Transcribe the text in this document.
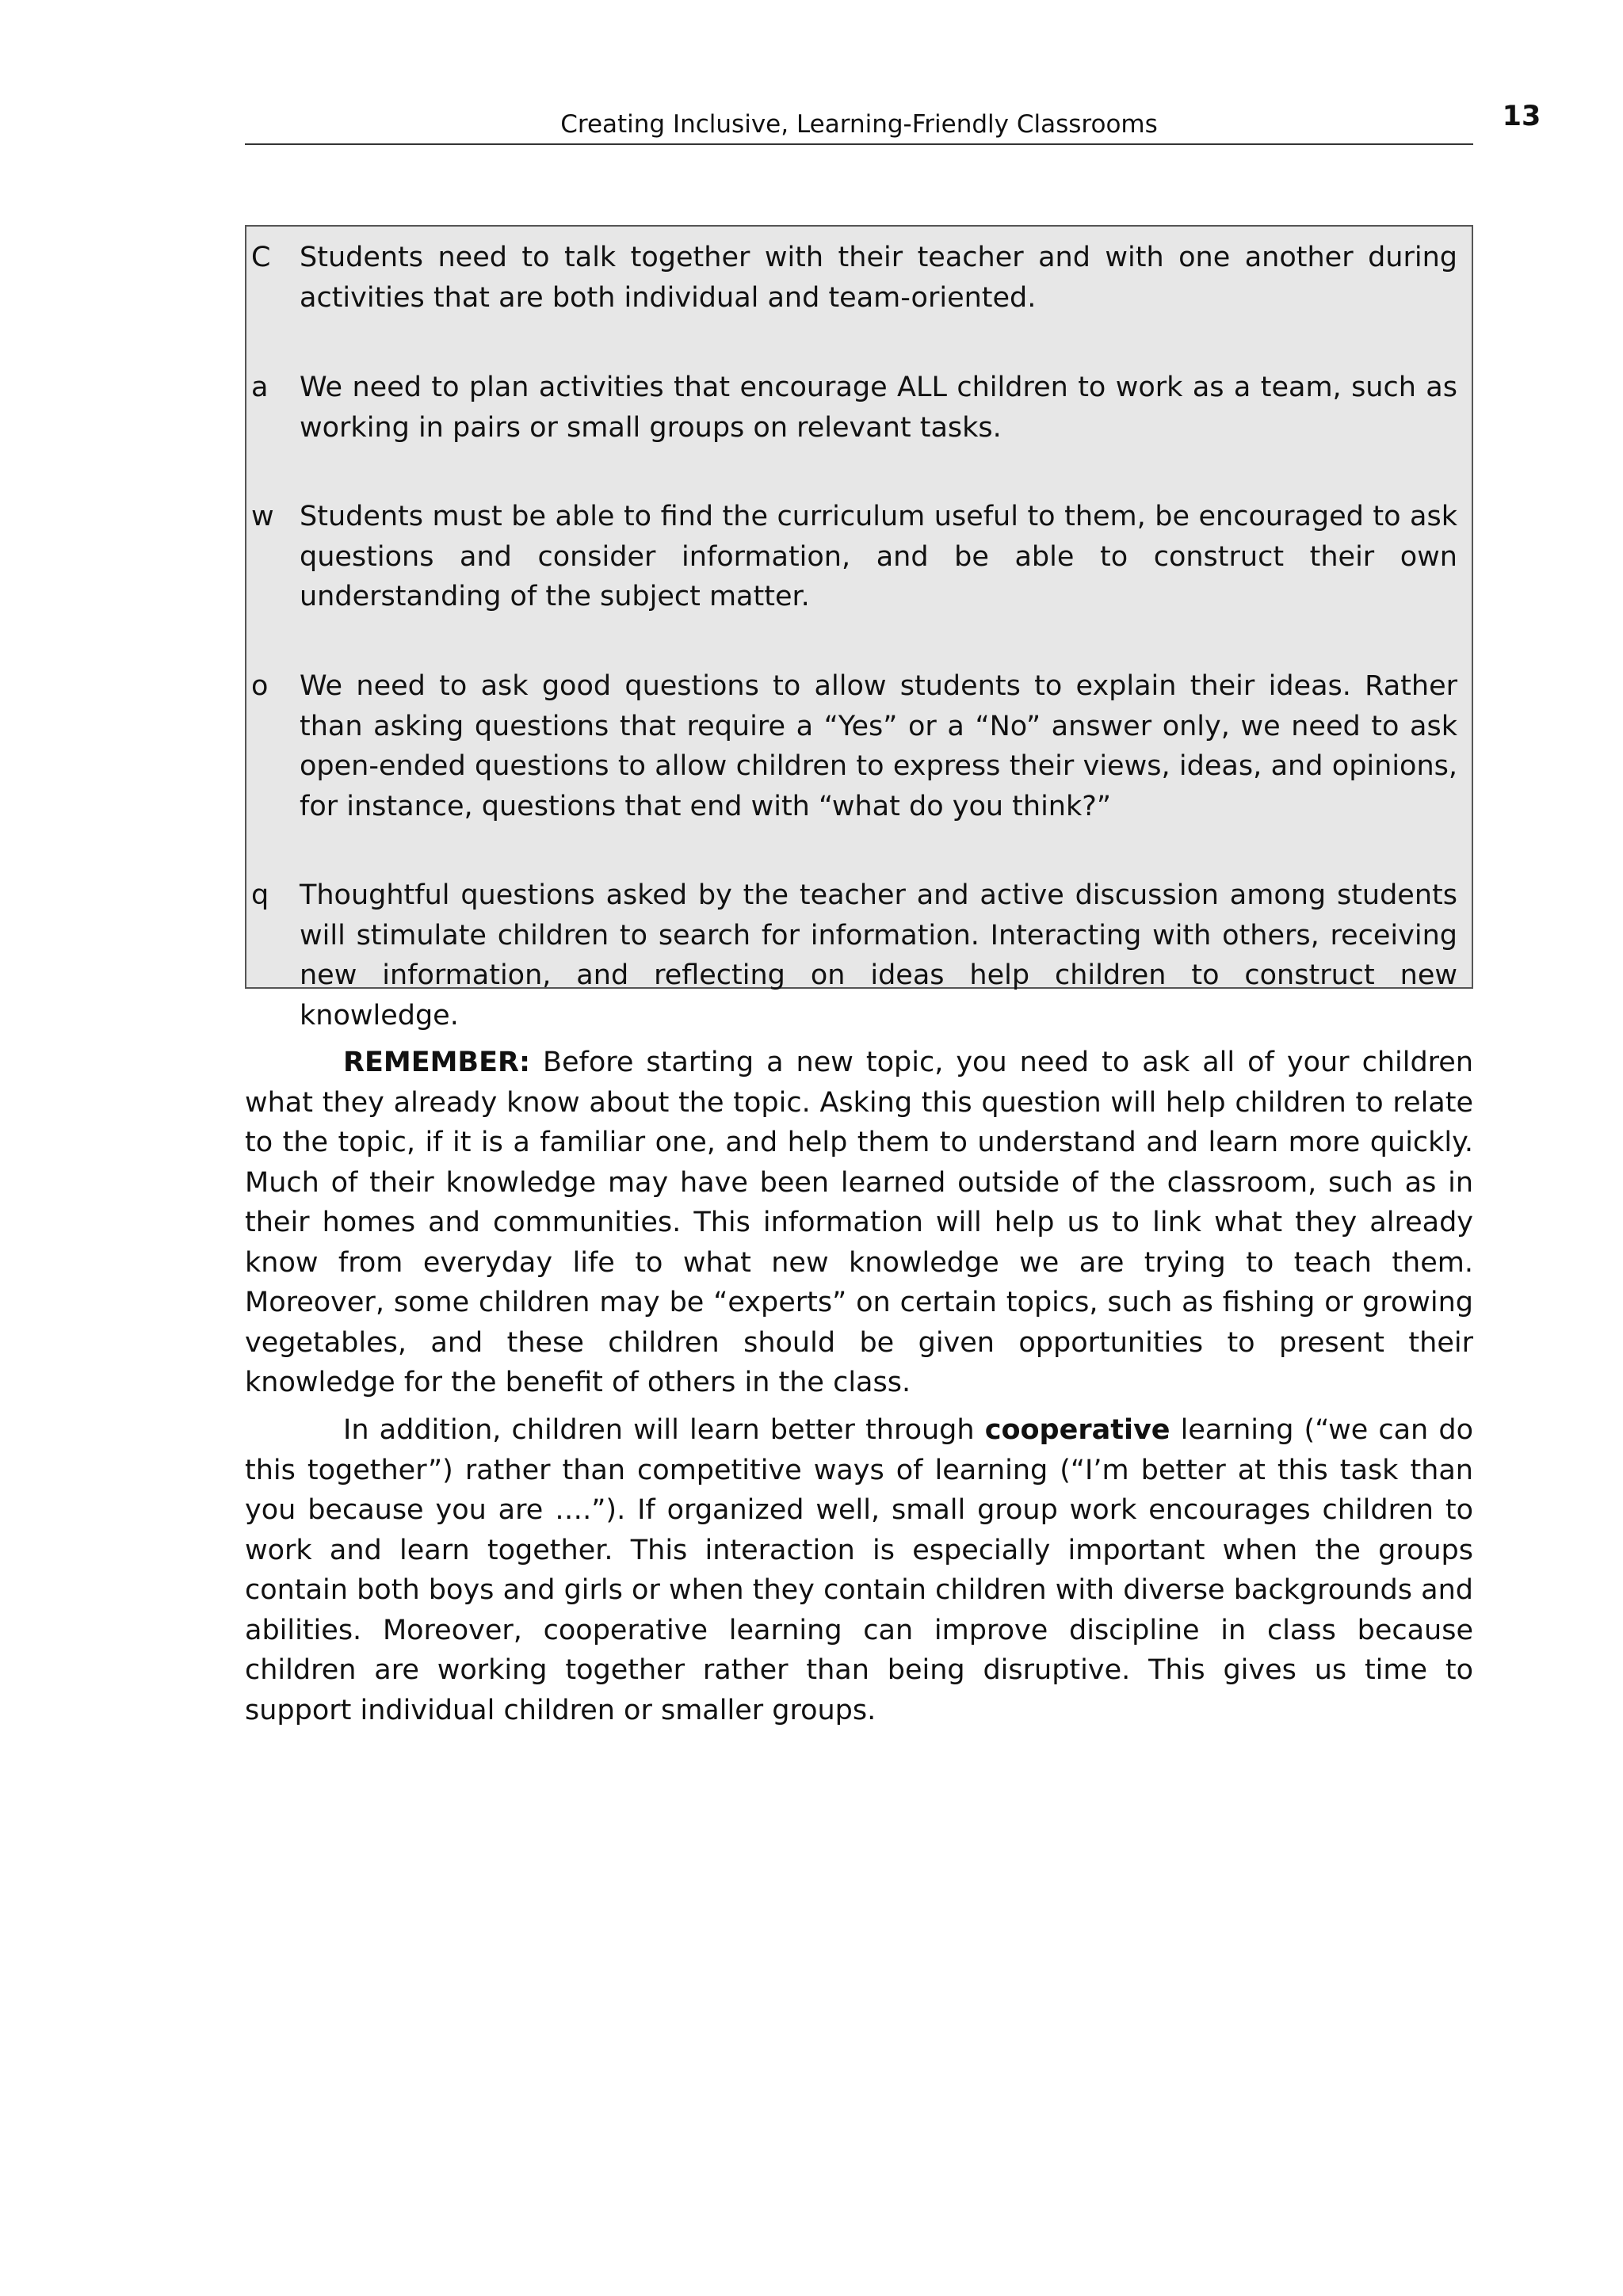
Creating Inclusive, Learning-Friendly Classrooms	13
C Students need to talk together with their teacher and with one another during activities that are both individual and team-oriented.

a We need to plan activities that encourage ALL children to work as a team, such as working in pairs or small groups on relevant tasks.

w Students must be able to find the curriculum useful to them, be encouraged to ask questions and consider information, and be able to construct their own understanding of the subject matter.

o We need to ask good questions to allow students to explain their ideas. Rather than asking questions that require a “Yes” or a “No” answer only, we need to ask open-ended questions to allow children to express their views, ideas, and opinions, for instance, questions that end with “what do you think?”

q Thoughtful questions asked by the teacher and active discussion among students will stimulate children to search for information. Interacting with others, receiving new information, and reflecting on ideas help children to construct new knowledge.

REMEMBER: Before starting a new topic, you need to ask all of your children what they already know about the topic. Asking this question will help children to relate to the topic, if it is a familiar one, and help them to understand and learn more quickly. Much of their knowledge may have been learned outside of the classroom, such as in their homes and communities. This information will help us to link what they already know from everyday life to what new knowledge we are trying to teach them. Moreover, some children may be “experts” on certain topics, such as fishing or growing vegetables, and these children should be given opportunities to present their knowledge for the benefit of others in the class.

In addition, children will learn better through cooperative learning (“we can do this together”) rather than competitive ways of learning (“I’m better at this task than you because you are ….”). If organized well, small group work encourages children to work and learn together. This interaction is especially important when the groups contain both boys and girls or when they contain children with diverse backgrounds and abilities. Moreover, cooperative learning can improve discipline in class because children are working together rather than being disruptive. This gives us time to support individual children or smaller groups.
